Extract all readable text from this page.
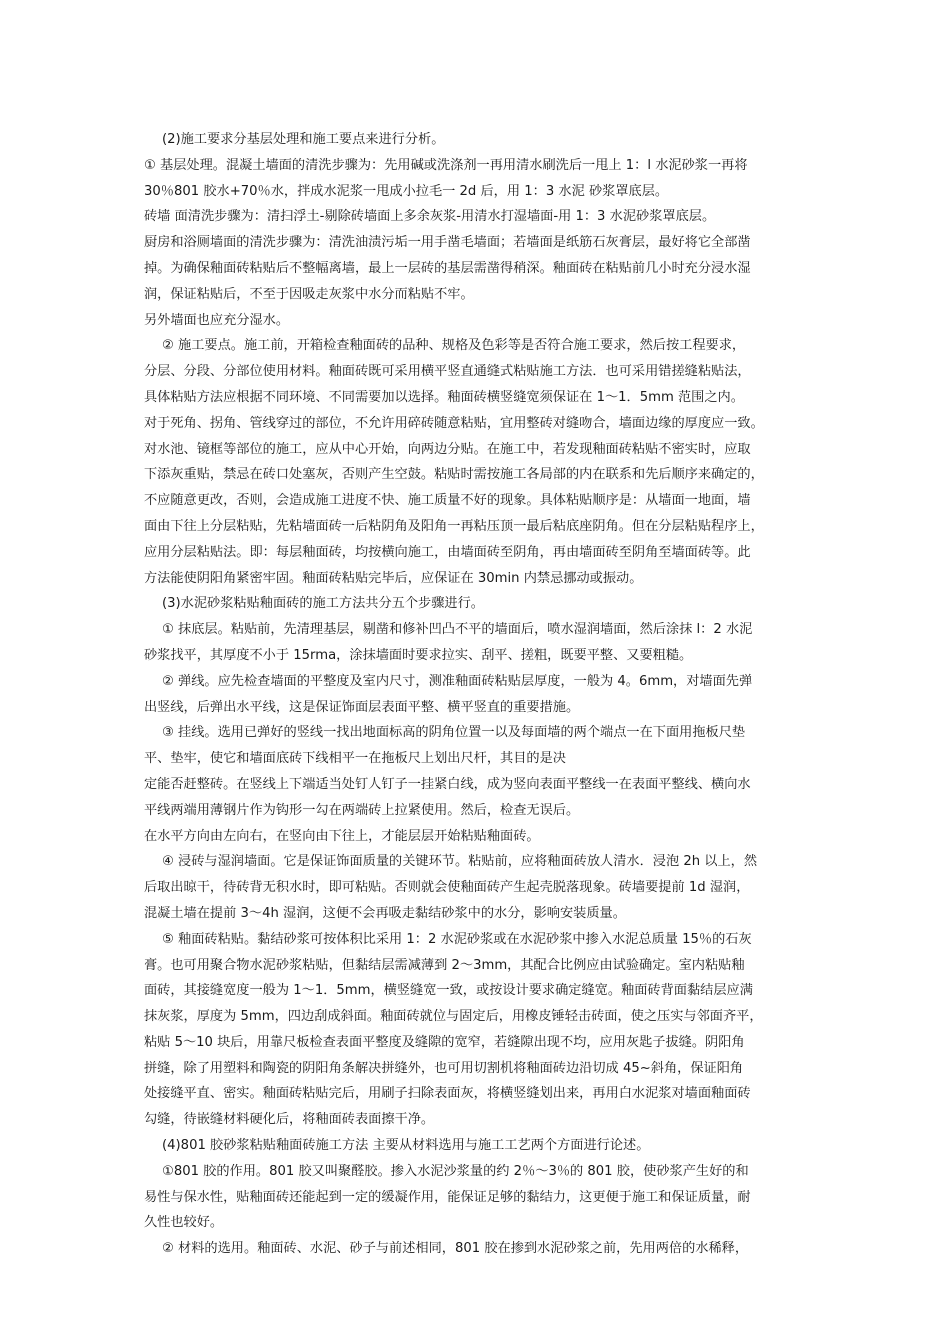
(2)施工要求分基层处理和施工要点来进行分析。
① 基层处理。混凝土墙面的清洗步骤为：先用碱或洗涤剂一再用清水刷洗后一甩上 1：l 水泥砂浆一再将
30％801 胶水+70％水，拌成水泥浆一甩成小拉毛一 2d 后，用 1：3 水泥 砂浆罩底层。
砖墙 面清洗步骤为：清扫浮土-剔除砖墙面上多余灰浆-用清水打湿墙面-用 1：3 水泥砂浆罩底层。
厨房和浴厕墙面的清洗步骤为：清洗油渍污垢一用手凿毛墙面；若墙面是纸筋石灰膏层，最好将它全部凿
掉。为确保釉面砖粘贴后不整幅离墙，最上一层砖的基层需凿得稍深。釉面砖在粘贴前几小时充分浸水湿
润，保证粘贴后，不至于因吸走灰浆中水分而粘贴不牢。
另外墙面也应充分湿水。
② 施工要点。施工前，开箱检查釉面砖的品种、规格及色彩等是否符合施工要求，然后按工程要求，
分层、分段、分部位使用材料。釉面砖既可采用横平竖直通缝式粘贴施工方法．也可采用错搓缝粘贴法，
具体粘贴方法应根据不同环境、不同需要加以选择。釉面砖横竖缝宽须保证在 1～1．5mm 范围之内。
对于死角、拐角、管线穿过的部位，不允许用碎砖随意粘贴，宜用整砖对缝吻合，墙面边缘的厚度应一致。
对水池、镜框等部位的施工，应从中心开始，向两边分贴。在施工中，若发现釉面砖粘贴不密实时，应取
下添灰重贴，禁忌在砖口处塞灰，否则产生空鼓。粘贴时需按施工各局部的内在联系和先后顺序来确定的，
不应随意更改，否则，会造成施工进度不快、施工质量不好的现象。具体粘贴顺序是：从墙面一地面，墙
面由下往上分层粘贴，先粘墙面砖一后粘阴角及阳角一再粘压顶一最后粘底座阴角。但在分层粘贴程序上，
应用分层粘贴法。即：每层釉面砖，均按横向施工，由墙面砖至阴角，再由墙面砖至阴角至墙面砖等。此
方法能使阴阳角紧密牢固。釉面砖粘贴完毕后，应保证在 30min 内禁忌挪动或振动。
(3)水泥砂浆粘贴釉面砖的施工方法共分五个步骤进行。
① 抹底层。粘贴前，先清理基层，剔凿和修补凹凸不平的墙面后，喷水湿润墙面，然后涂抹 l：2 水泥
砂浆找平，其厚度不小于 15rma，涂抹墙面时要求拉实、刮平、搓粗，既要平整、又要粗糙。
② 弹线。应先检查墙面的平整度及室内尺寸，测准釉面砖粘贴层厚度，一般为 4。6mm，对墙面先弹
出竖线，后弹出水平线，这是保证饰面层表面平整、横平竖直的重要措施。
③ 挂线。选用已弹好的竖线一找出地面标高的阴角位置一以及每面墙的两个端点一在下面用拖板尺垫
平、垫牢，使它和墙面底砖下线相平一在拖板尺上划出尺杆，其目的是决
定能否赶整砖。在竖线上下端适当处钉人钉子一挂紧白线，成为竖向表面平整线一在表面平整线、横向水
平线两端用薄钢片作为钩形一勾在两端砖上拉紧使用。然后，检查无误后。
在水平方向由左向右，在竖向由下往上，才能层层开始粘贴釉面砖。
④ 浸砖与湿润墙面。它是保证饰面质量的关键环节。粘贴前，应将釉面砖放人清水．浸泡 2h 以上，然
后取出晾干，待砖背无积水时，即可粘贴。否则就会使釉面砖产生起壳脱落现象。砖墙要提前 1d 湿润，
混凝土墙在提前 3～4h 湿润，这便不会再吸走黏结砂浆中的水分，影响安装质量。
⑤ 釉面砖粘贴。黏结砂浆可按体积比采用 1：2 水泥砂浆或在水泥砂浆中掺入水泥总质量 15％的石灰
膏。也可用聚合物水泥砂浆粘贴，但黏结层需减薄到 2～3mm，其配合比例应由试验确定。室内粘贴釉
面砖，其接缝宽度一般为 1～1．5mm，横竖缝宽一致，或按设计要求确定缝宽。釉面砖背面黏结层应满
抹灰浆，厚度为 5mm，四边刮成斜面。釉面砖就位与固定后，用橡皮锤轻击砖面，使之压实与邻面齐平，
粘贴 5～10 块后，用靠尺板检查表面平整度及缝隙的宽窄，若缝隙出现不均，应用灰匙子拔缝。阴阳角
拼缝，除了用塑料和陶瓷的阴阳角条解决拼缝外，也可用切割机将釉面砖边沿切成 45~斜角，保证阳角
处接缝平直、密实。釉面砖粘贴完后，用刷子扫除表面灰，将横竖缝划出来，再用白水泥浆对墙面釉面砖
勾缝，待嵌缝材料硬化后，将釉面砖表面擦干净。
(4)801 胶砂浆粘贴釉面砖施工方法 主要从材料选用与施工工艺两个方面进行论述。
①801 胶的作用。801 胶又叫聚醛胶。掺入水泥沙浆量的约 2％～3％的 801 胶，使砂浆产生好的和
易性与保水性，贴釉面砖还能起到一定的缓凝作用，能保证足够的黏结力，这更便于施工和保证质量，耐
久性也较好。
② 材料的选用。釉面砖、水泥、砂子与前述相同，801 胶在掺到水泥砂浆之前，先用两倍的水稀释，
